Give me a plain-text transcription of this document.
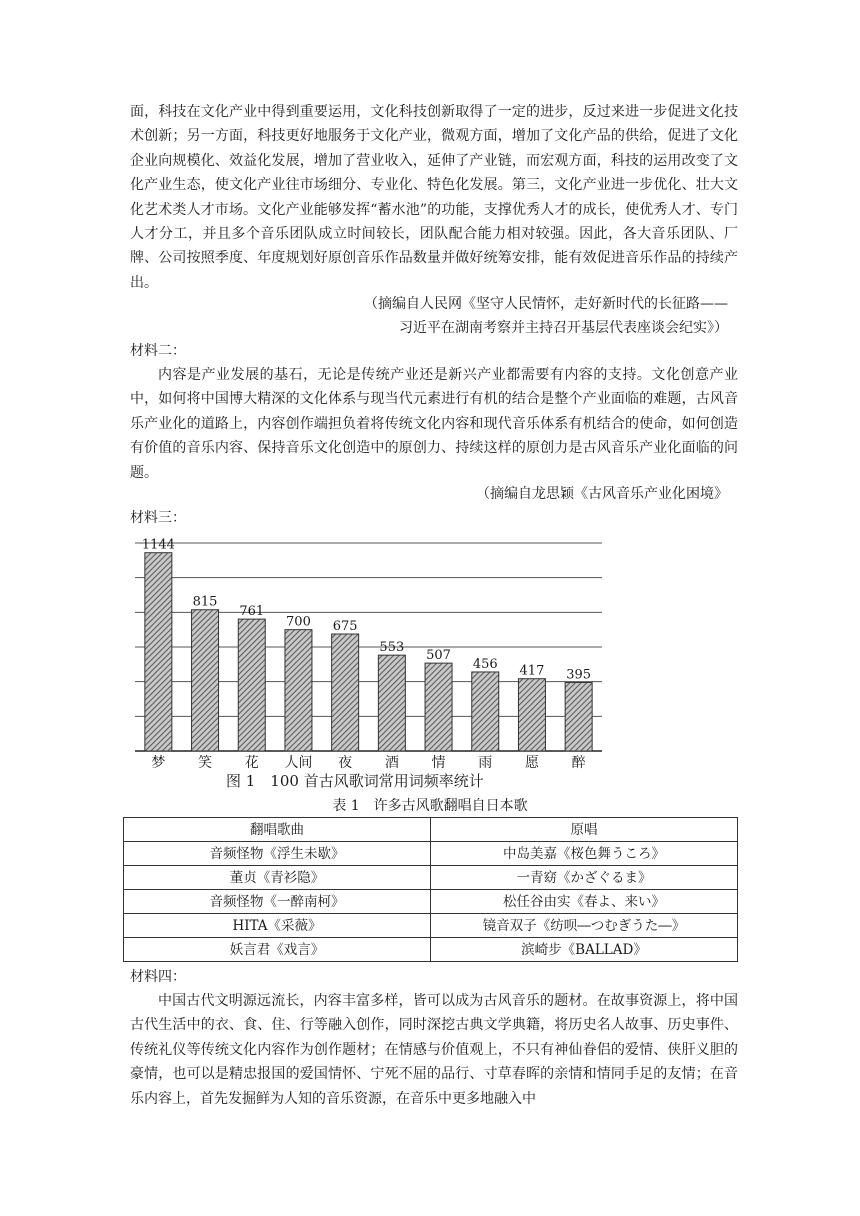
面，科技在文化产业中得到重要运用，文化科技创新取得了一定的进步，反过来进一步促进文化技术创新；另一方面，科技更好地服务于文化产业，微观方面，增加了文化产品的供给，促进了文化企业向规模化、效益化发展，增加了营业收入，延伸了产业链，而宏观方面，科技的运用改变了文化产业生态，使文化产业往市场细分、专业化、特色化发展。第三，文化产业进一步优化、壮大文化艺术类人才市场。文化产业能够发挥“蓄水池”的功能，支撑优秀人才的成长，使优秀人才、专门人才分工，并且多个音乐团队成立时间较长，团队配合能力相对较强。因此，各大音乐团队、厂牌、公司按照季度、年度规划好原创音乐作品数量并做好统筹安排，能有效促进音乐作品的持续产出。

（摘编自人民网《坚守人民情怀，走好新时代的长征路——

习近平在湖南考察并主持召开基层代表座谈会纪实》）

材料二：

内容是产业发展的基石，无论是传统产业还是新兴产业都需要有内容的支持。文化创意产业中，如何将中国博大精深的文化体系与现当代元素进行有机的结合是整个产业面临的难题，古风音乐产业化的道路上，内容创作端担负着将传统文化内容和现代音乐体系有机结合的使命，如何创造有价值的音乐内容、保持音乐文化创造中的原创力、持续这样的原创力是古风音乐产业化面临的问题。

（摘编自龙思颖《古风音乐产业化困境》

材料三：
1144
815
761
700 675
553
507
456 417 395
梦 笑 花 人间 夜 酒 情 雨 愿 醉
图 1　100 首古风歌词常用词频率统计
表 1　许多古风歌翻唱自日本歌
翻唱歌曲	原唱
音频怪物《浮生未歇》	中岛美嘉《桜色舞うころ》
董贞《青衫隐》	一青窈《かざぐるま》
音频怪物《一醉南柯》	松任谷由实《春よ、来い》
HITA《采薇》	镜音双子《纺呗―つむぎうた―》
妖言君《戏言》	滨崎步《BALLAD》
材料四：

中国古代文明源远流长，内容丰富多样，皆可以成为古风音乐的题材。在故事资源上，将中国古代生活中的衣、食、住、行等融入创作，同时深挖古典文学典籍，将历史名人故事、历史事件、传统礼仪等传统文化内容作为创作题材；在情感与价值观上，不只有神仙眷侣的爱情、侠肝义胆的豪情，也可以是精忠报国的爱国情怀、宁死不屈的品行、寸草春晖的亲情和情同手足的友情；在音乐内容上，首先发掘鲜为人知的音乐资源，在音乐中更多地融入中
